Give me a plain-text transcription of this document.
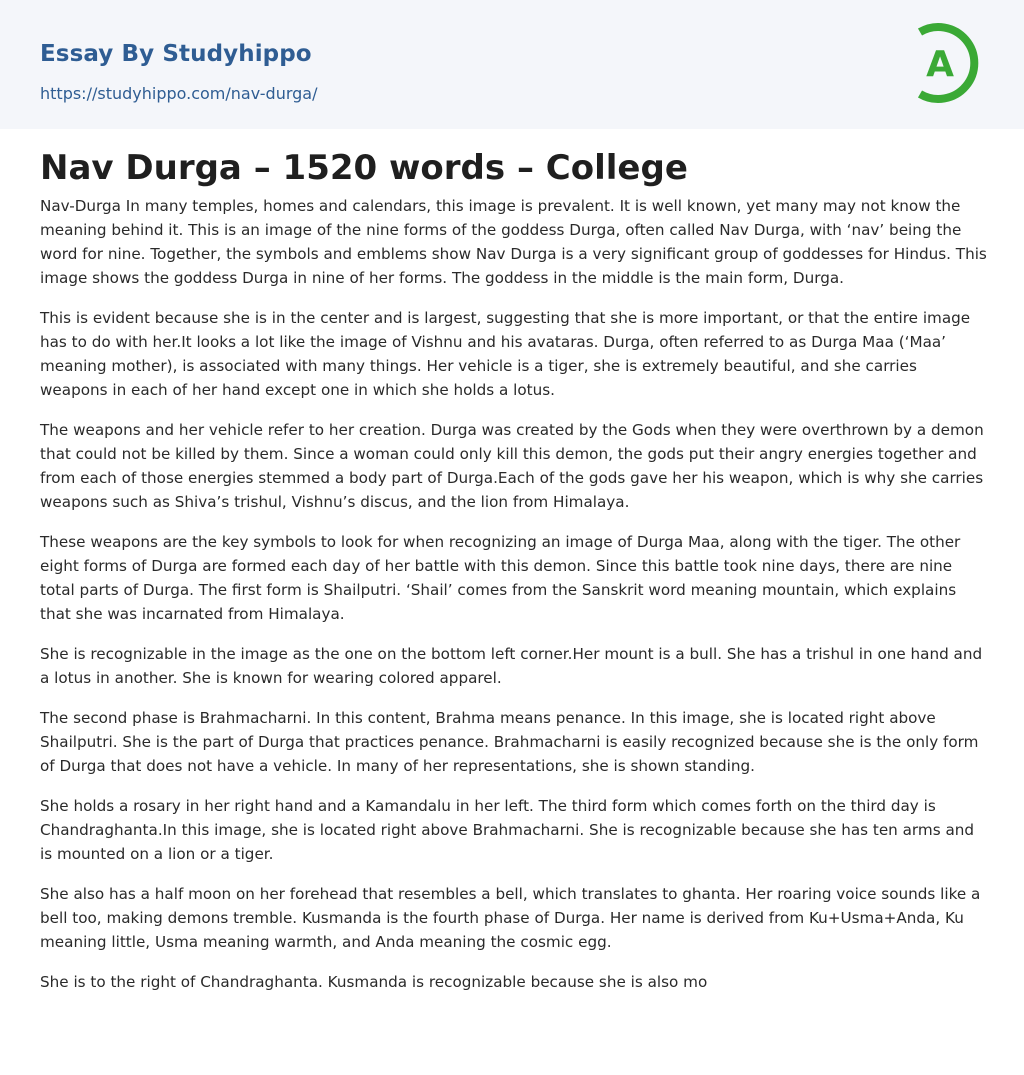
Essay By Studyhippo
https://studyhippo.com/nav-durga/
A
Nav Durga – 1520 words – College

Nav-Durga In many temples, homes and calendars, this image is prevalent. It is well known, yet many may not know the meaning behind it. This is an image of the nine forms of the goddess Durga, often called Nav Durga, with ‘nav’ being the word for nine. Together, the symbols and emblems show Nav Durga is a very significant group of goddesses for Hindus. This image shows the goddess Durga in nine of her forms. The goddess in the middle is the main form, Durga.

This is evident because she is in the center and is largest, suggesting that she is more important, or that the entire image has to do with her.It looks a lot like the image of Vishnu and his avataras. Durga, often referred to as Durga Maa (‘Maa’ meaning mother), is associated with many things. Her vehicle is a tiger, she is extremely beautiful, and she carries weapons in each of her hand except one in which she holds a lotus.

The weapons and her vehicle refer to her creation. Durga was created by the Gods when they were overthrown by a demon that could not be killed by them. Since a woman could only kill this demon, the gods put their angry energies together and from each of those energies stemmed a body part of Durga.Each of the gods gave her his weapon, which is why she carries weapons such as Shiva’s trishul, Vishnu’s discus, and the lion from Himalaya.

These weapons are the key symbols to look for when recognizing an image of Durga Maa, along with the tiger. The other eight forms of Durga are formed each day of her battle with this demon. Since this battle took nine days, there are nine total parts of Durga. The first form is Shailputri. ‘Shail’ comes from the Sanskrit word meaning mountain, which explains that she was incarnated from Himalaya.

She is recognizable in the image as the one on the bottom left corner.Her mount is a bull. She has a trishul in one hand and a lotus in another. She is known for wearing colored apparel.

The second phase is Brahmacharni. In this content, Brahma means penance. In this image, she is located right above Shailputri. She is the part of Durga that practices penance. Brahmacharni is easily recognized because she is the only form of Durga that does not have a vehicle. In many of her representations, she is shown standing.

She holds a rosary in her right hand and a Kamandalu in her left. The third form which comes forth on the third day is Chandraghanta.In this image, she is located right above Brahmacharni. She is recognizable because she has ten arms and is mounted on a lion or a tiger.

She also has a half moon on her forehead that resembles a bell, which translates to ghanta. Her roaring voice sounds like a bell too, making demons tremble. Kusmanda is the fourth phase of Durga. Her name is derived from Ku+Usma+Anda, Ku meaning little, Usma meaning warmth, and Anda meaning the cosmic egg.

She is to the right of Chandraghanta. Kusmanda is recognizable because she is also mo
